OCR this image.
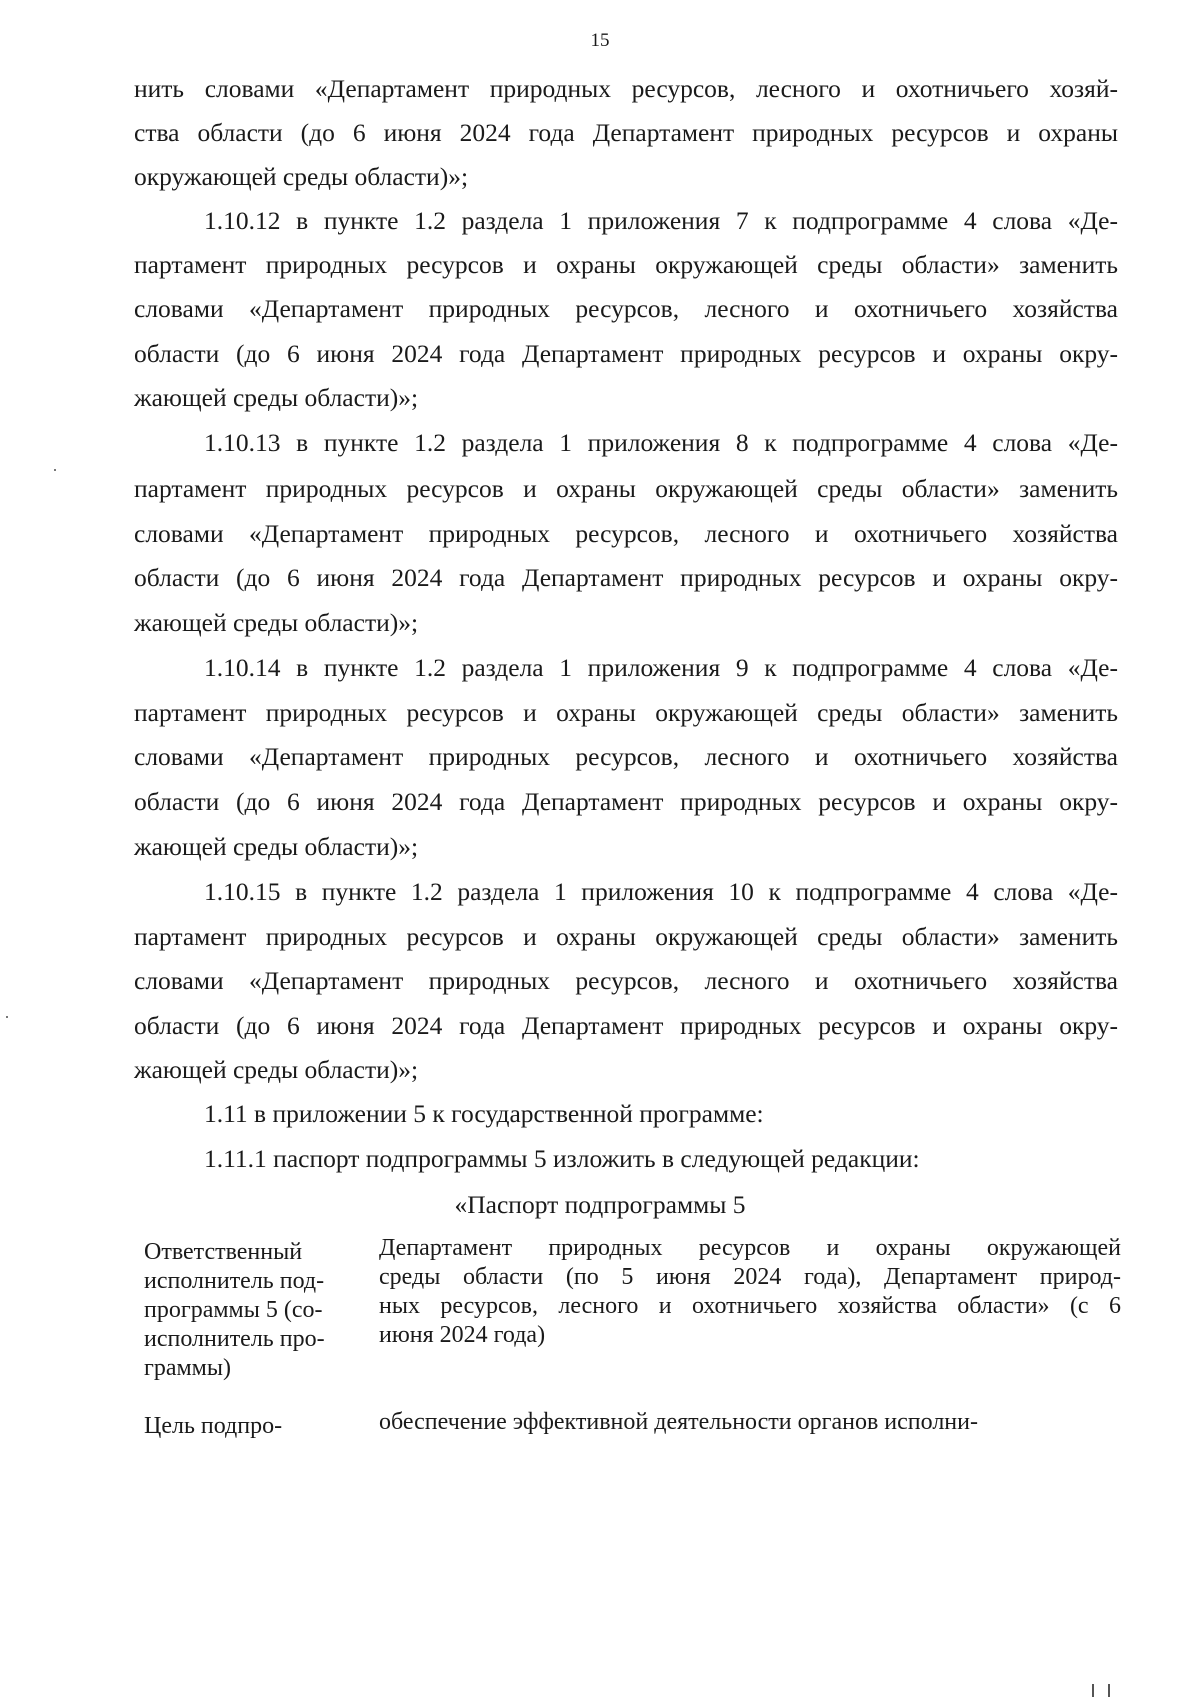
15
нить словами «Департамент природных ресурсов, лесного и охотничьего хозяй-
ства области (до 6 июня 2024 года Департамент природных ресурсов и охраны
окружающей среды области)»;
1.10.12 в пункте 1.2 раздела 1 приложения 7 к подпрограмме 4 слова «Де-
партамент природных ресурсов и охраны окружающей среды области» заменить
словами «Департамент природных ресурсов, лесного и охотничьего хозяйства
области (до 6 июня 2024 года Департамент природных ресурсов и охраны окру-
жающей среды области)»;
1.10.13 в пункте 1.2 раздела 1 приложения 8 к подпрограмме 4 слова «Де-
партамент природных ресурсов и охраны окружающей среды области» заменить
словами «Департамент природных ресурсов, лесного и охотничьего хозяйства
области (до 6 июня 2024 года Департамент природных ресурсов и охраны окру-
жающей среды области)»;
1.10.14 в пункте 1.2 раздела 1 приложения 9 к подпрограмме 4 слова «Де-
партамент природных ресурсов и охраны окружающей среды области» заменить
словами «Департамент природных ресурсов, лесного и охотничьего хозяйства
области (до 6 июня 2024 года Департамент природных ресурсов и охраны окру-
жающей среды области)»;
1.10.15 в пункте 1.2 раздела 1 приложения 10 к подпрограмме 4 слова «Де-
партамент природных ресурсов и охраны окружающей среды области» заменить
словами «Департамент природных ресурсов, лесного и охотничьего хозяйства
области (до 6 июня 2024 года Департамент природных ресурсов и охраны окру-
жающей среды области)»;
1.11 в приложении 5 к государственной программе:
1.11.1 паспорт подпрограммы 5 изложить в следующей редакции:
«Паспорт подпрограммы 5
Ответственный
исполнитель под-
программы 5 (со-
исполнитель про-
граммы)
Департамент природных ресурсов и охраны окружающей
среды области (по 5 июня 2024 года), Департамент природ-
ных ресурсов, лесного и охотничьего хозяйства области» (с 6
июня 2024 года)
Цель подпро-	обеспечение эффективной деятельности органов исполни-
